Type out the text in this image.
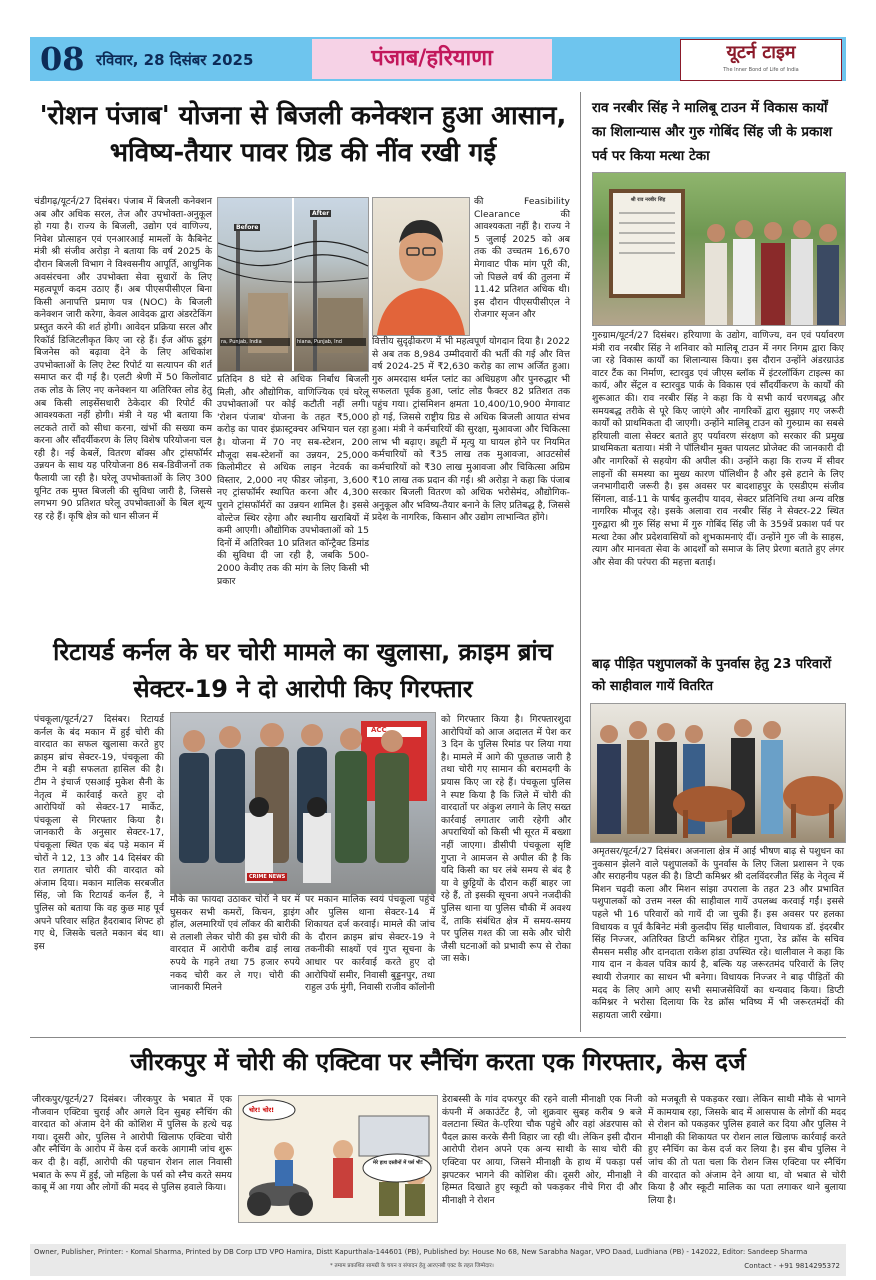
08 रविवार, 28 दिसंबर 2025	पंजाब/हरियाणा	यूटर्न टाइम
The Inner Bond of Life of India
'रोशन पंजाब' योजना से बिजली कनेक्शन हुआ आसान, भविष्य-तैयार पावर ग्रिड की नींव रखी गई
चंडीगढ़/यूटर्न/27 दिसंबर। पंजाब में बिजली कनेक्शन अब और अधिक सरल, तेज और उपभोक्ता-अनुकूल हो गया है। राज्य के बिजली, उद्योग एवं वाणिज्य, निवेश प्रोत्साहन एवं एनआरआई मामलों के कैबिनेट मंत्री श्री संजीव अरोड़ा ने बताया कि वर्ष 2025 के दौरान बिजली विभाग ने विश्वसनीय आपूर्ति, आधुनिक अवसंरचना और उपभोक्ता सेवा सुधारों के लिए महत्वपूर्ण कदम उठाए हैं। अब पीएसपीसीएल बिना किसी अनापत्ति प्रमाण पत्र (NOC) के बिजली कनेक्शन जारी करेगा, केवल आवेदक द्वारा अंडरटेकिंग प्रस्तुत करने की शर्त होगी। आवेदन प्रक्रिया सरल और रिकॉर्ड डिजिटलीकृत किए जा रहे हैं। ईज ऑफ डूइंग बिजनेस को बढ़ावा देने के लिए अधिकांश उपभोक्ताओं के लिए टेस्ट रिपोर्ट या सत्यापन की शर्त समाप्त कर दी गई है। एलटी श्रेणी में 50 किलोवाट तक लोड के लिए नए कनेक्शन या अतिरिक्त लोड हेतु अब किसी लाइसेंसधारी ठेकेदार की रिपोर्ट की आवश्यकता नहीं होगी। मंत्री ने यह भी बताया कि लटकते तारों को सीधा करना, खंभों की सख्या कम करना और सौंदर्यीकरण के लिए विशेष परियोजना चल रही है। नई केबलें, वितरण बॉक्स और ट्रांसफॉर्मर उन्नयन के साथ यह परियोजना 86 सब-डिवीजनों तक फैलायी जा रही है। घरेलू उपभोक्ताओं के लिए 300 यूनिट तक मुफ्त बिजली की सुविधा जारी है, जिससे लगभग 90 प्रतिशत घरेलू उपभोक्ताओं के बिल शून्य रह रहे हैं। कृषि क्षेत्र को धान सीजन में
Before
After
ra, Punjab, India	hiana, Punjab, Ind
प्रतिदिन 8 घंटे से अधिक निर्बाध बिजली मिली, और औद्योगिक, वाणिज्यिक एवं घरेलू उपभोक्ताओं पर कोई कटौती नहीं लगी। 'रोशन पंजाब' योजना के तहत ₹5,000 करोड़ का पावर इंफ्रास्ट्रक्चर अभियान चल रहा है। योजना में 70 नए सब-स्टेशन, 200 मौजूदा सब-स्टेशनों का उन्नयन, 25,000 किलोमीटर से अधिक लाइन नेटवर्क का विस्तार, 2,000 नए फीडर जोड़ना, 3,600 नए ट्रांसफॉर्मर स्थापित करना और 4,300 पुराने ट्रांसफॉर्मरों का उन्नयन शामिल है। इससे वोल्टेज स्थिर रहेगा और स्थानीय खराबियों में कमी आएगी। औद्योगिक उपभोक्ताओं को 15 दिनों में अतिरिक्त 10 प्रतिशत कॉन्ट्रैक्ट डिमांड की सुविधा दी जा रही है, जबकि 500-2000 केवीए तक की मांग के लिए किसी भी प्रकार
की Feasibility Clearance की आवश्यकता नहीं है। राज्य ने 5 जुलाई 2025 को अब तक की उच्चतम 16,670 मेगावाट पीक मांग पूरी की, जो पिछले वर्ष की तुलना में 11.42 प्रतिशत अधिक थी। इस दौरान पीएसपीसीएल ने रोजगार सृजन और
वित्तीय सुदृढ़ीकरण में भी महत्वपूर्ण योगदान दिया है। 2022 से अब तक 8,984 उम्मीदवारों की भर्ती की गई और वित्त वर्ष 2024-25 में ₹2,630 करोड़ का लाभ अर्जित हुआ। गुरु अमरदास थर्मल प्लांट का अधिग्रहण और पुनरुद्धार भी सफलता पूर्वक हुआ, प्लांट लोड फैक्टर 82 प्रतिशत तक पहुंच गया। ट्रांसमिशन क्षमता 10,400/10,900 मेगावाट हो गई, जिससे राष्ट्रीय ग्रिड से अधिक बिजली आयात संभव हुआ। मंत्री ने कर्मचारियों की सुरक्षा, मुआवजा और चिकित्सा लाभ भी बढ़ाए। ड्यूटी में मृत्यु या घायल होने पर नियमित कर्मचारियों को ₹35 लाख तक मुआवजा, आउटसोर्स कर्मचारियों को ₹30 लाख मुआवजा और चिकित्सा अग्रिम ₹10 लाख तक प्रदान की गई। श्री अरोड़ा ने कहा कि पंजाब सरकार बिजली वितरण को अधिक भरोसेमंद, औद्योगिक-अनुकूल और भविष्य-तैयार बनाने के लिए प्रतिबद्ध है, जिससे प्रदेश के नागरिक, किसान और उद्योग लाभान्वित होंगे।
रिटायर्ड कर्नल के घर चोरी मामले का खुलासा, क्राइम ब्रांच सेक्टर-19 ने दो आरोपी किए गिरफ्तार
पंचकूला/यूटर्न/27 दिसंबर। रिटायर्ड कर्नल के बंद मकान में हुई चोरी की वारदात का सफल खुलासा करते हुए क्राइम ब्रांच सेक्टर-19, पंचकूला की टीम ने बड़ी सफलता हासिल की है। टीम ने इंचार्ज एसआई मुकेश सैनी के नेतृत्व में कार्रवाई करते हुए दो आरोपियों को सेक्टर-17 मार्केट, पंचकूला से गिरफ्तार किया है। जानकारी के अनुसार सेक्टर-17, पंचकूला स्थित एक बंद पड़े मकान में चोरों ने 12, 13 और 14 दिसंबर की रात लगातार चोरी की वारदात को अंजाम दिया। मकान मालिक सरबजीत सिंह, जो कि रिटायर्ड कर्नल हैं, ने पुलिस को बताया कि वह कुछ माह पूर्व अपने परिवार सहित हैदराबाद शिफ्ट हो गए थे, जिसके चलते मकान बंद था। इस
ACC
CRIME NEWS
मौके का फायदा उठाकर चोरों ने घर में घुसकर सभी कमरों, किचन, ड्राइंग हॉल, अलमारियों एवं लॉकर की बारीकी से तलाशी लेकर चोरी की इस चोरी की वारदात में आरोपी करीब ढाई लाख रुपये के गहने तथा 75 हजार रुपये नकद चोरी कर ले गए। चोरी की जानकारी मिलने
पर मकान मालिक स्वयं पंचकूला पहुंचे और पुलिस थाना सेक्टर-14 में शिकायत दर्ज करवाई। मामले की जांच के दौरान क्राइम ब्रांच सेक्टर-19 ने तकनीकी साक्ष्यों एवं गुप्त सूचना के आधार पर कार्रवाई करते हुए दो आरोपियों समीर, निवासी बुड्डनपुर, तथा राहुल उर्फ मुंगी, निवासी राजीव कॉलोनी
को गिरफ्तार किया है। गिरफ्तारशुदा आरोपियों को आज अदालत में पेश कर 3 दिन के पुलिस रिमांड पर लिया गया है। मामले में आगे की पूछताछ जारी है तथा चोरी गए सामान की बरामदगी के प्रयास किए जा रहे हैं। पंचकूला पुलिस ने स्पष्ट किया है कि जिले में चोरी की वारदातों पर अंकुश लगाने के लिए सख्त कार्रवाई लगातार जारी रहेगी और अपराधियों को किसी भी सूरत में बख्शा नहीं जाएगा। डीसीपी पंचकूला सृष्टि गुप्ता ने आमजन से अपील की है कि यदि किसी का घर लंबे समय से बंद है या वे छुट्टियों के दौरान कहीं बाहर जा रहे हैं, तो इसकी सूचना अपने नजदीकी पुलिस थाना या पुलिस चौकी में अवश्य दें, ताकि संबंधित क्षेत्र में समय-समय पर पुलिस गश्त की जा सके और चोरी जैसी घटनाओं को प्रभावी रूप से रोका जा सके।
राव नरबीर सिंह ने मालिबू टाउन में विकास कार्यों का शिलान्यास और गुरु गोबिंद सिंह जी के प्रकाश पर्व पर किया मत्था टेका
श्री राव नरबीर सिंह
गुरुग्राम/यूटर्न/27 दिसंबर। हरियाणा के उद्योग, वाणिज्य, वन एवं पर्यावरण मंत्री राव नरबीर सिंह ने शनिवार को मालिबू टाउन में नगर निगम द्वारा किए जा रहे विकास कार्यों का शिलान्यास किया। इस दौरान उन्होंने अंडरग्राउंड वाटर टैंक का निर्माण, स्टारवुड एवं जीएस ब्लॉक में इंटरलॉकिंग टाइल्स का कार्य, और सेंट्रल व स्टारवुड पार्क के विकास एवं सौंदर्यीकरण के कार्यों की शुरूआत की। राव नरबीर सिंह ने कहा कि ये सभी कार्य चरणबद्ध और समयबद्ध तरीके से पूरे किए जाएंगे और नागरिकों द्वारा सुझाए गए जरूरी कार्यों को प्राथमिकता दी जाएगी। उन्होंने मालिबू टाउन को गुरुग्राम का सबसे हरियाली वाला सेक्टर बताते हुए पर्यावरण संरक्षण को सरकार की प्रमुख प्राथमिकता बताया। मंत्री ने पॉलिथीन मुक्त पायलट प्रोजेक्ट की जानकारी दी और नागरिकों से सहयोग की अपील की। उन्होंने कहा कि राज्य में सीवर लाइनों की समस्या का मुख्य कारण पॉलिथीन है और इसे हटाने के लिए जनभागीदारी जरूरी है। इस अवसर पर बादशाहपुर के एसडीएम संजीव सिंगला, वार्ड-11 के पार्षद कुलदीप यादव, सेक्टर प्रतिनिधि तथा अन्य वरिष्ठ नागरिक मौजूद रहे। इसके अलावा राव नरबीर सिंह ने सेक्टर-22 स्थित गुरुद्वारा श्री गुरु सिंह सभा में गुरु गोबिंद सिंह जी के 359वें प्रकाश पर्व पर मत्था टेका और प्रदेशवासियों को शुभकामनाएं दीं। उन्होंने गुरु जी के साहस, त्याग और मानवता सेवा के आदर्शों को समाज के लिए प्रेरणा बताते हुए लंगर और सेवा की परंपरा की महत्ता बताई।
बाढ़ पीड़ित पशुपालकों के पुनर्वास हेतु 23 परिवारों को साहीवाल गायें वितरित
अमृतसर/यूटर्न/27 दिसंबर। अजनाला क्षेत्र में आई भीषण बाढ़ से पशुधन का नुकसान झेलने वाले पशुपालकों के पुनर्वास के लिए जिला प्रशासन ने एक और सराहनीय पहल की है। डिप्टी कमिश्नर श्री दलविंदरजीत सिंह के नेतृत्व में मिशन चढ़दी कला और मिशन सांझा उपराला के तहत 23 और प्रभावित पशुपालकों को उत्तम नस्ल की साहीवाल गायें उपलब्ध करवाई गईं। इससे पहले भी 16 परिवारों को गायें दी जा चुकी हैं। इस अवसर पर हलका विधायक व पूर्व कैबिनेट मंत्री कुलदीप सिंह धालीवाल, विधायक डॉ. इंदरबीर सिंह निज्जर, अतिरिक्त डिप्टी कमिश्नर रोहित गुप्ता, रेड क्रॉस के सचिव सैमसन मसीह और दानदाता राकेश हांडा उपस्थित रहे। धालीवाल ने कहा कि गाय दान न केवल पवित्र कार्य है, बल्कि यह जरूरतमंद परिवारों के लिए स्थायी रोजगार का साधन भी बनेगा। विधायक निज्जर ने बाढ़ पीड़ितों की मदद के लिए आगे आए सभी समाजसेवियों का धन्यवाद किया। डिप्टी कमिश्नर ने भरोसा दिलाया कि रेड क्रॉस भविष्य में भी जरूरतमंदों की सहायता जारी रखेगा।
जीरकपुर में चोरी की एक्टिवा पर स्नैचिंग करता एक गिरफ्तार, केस दर्ज
जीरकपुर/यूटर्न/27 दिसंबर। जीरकपुर के भबात में एक नौजवान एक्टिवा चुराई और अगले दिन सुबह स्नैचिंग की वारदात को अंजाम देने की कोशिश में पुलिस के हत्थे चढ़ गया। दूसरी ओर, पुलिस ने आरोपी खिलाफ एक्टिवा चोरी और स्नैचिंग के आरोप में केस दर्ज करके आगामी जांच शुरू कर दी है। वहीं, आरोपी की पहचान रोशन लाल निवासी भबात के रूप में हुई, जो महिला के पर्स को स्नैच करते समय काबू में आ गया और लोगों की मदद से पुलिस हवाले किया।
चोर! चोर!
मेरे हाथ दस्तीनों में पर्स भी!
डेराबस्सी के गांव दफरपुर की रहने वाली मीनाक्षी एक निजी कंपनी में अकाउंटेंट है, जो शुक्रवार सुबह करीब 9 बजे वलटाना स्थित के-एरिया चौक पहुंचे और वहां अंडरपास को पैदल क्रास करके सैनी विहार जा रही थी। लेकिन इसी दौरान आरोपी रोशन अपने एक अन्य साथी के साथ चोरी की एक्टिवा पर आया, जिसने मीनाक्षी के हाथ में पकड़ा पर्स झपटकर भागने की कोशिश की। दूसरी ओर, मीनाक्षी ने हिम्मत दिखाते हुए स्कूटी को पकड़कर नीचे गिरा दी और मीनाक्षी ने रोशन
को मजबूती से पकड़कर रखा। लेकिन साथी मौके से भागने में कामयाब रहा, जिसके बाद में आसपास के लोगों की मदद से रोशन को पकड़कर पुलिस हवाले कर दिया और पुलिस ने मीनाक्षी की शिकायत पर रोशन लाल खिलाफ कार्रवाई करते हुए स्नैचिंग का केस दर्ज कर लिया है। इस बीच पुलिस ने जांच की तो पता चला कि रोशन जिस एक्टिवा पर स्नैचिंग की वारदात को अंजाम देने आया था, वो भबात से चोरी किया है और स्कूटी मालिक का पता लगाकर थाने बुलाया लिया है।
Owner, Publisher, Printer: - Komal Sharma, Printed by DB Corp LTD VPO Hamira, Distt Kapurthala-144601 (PB), Published by: House No 68, New Sarabha Nagar, VPO Daad, Ludhiana (PB) - 142022, Editor: Sandeep Sharma
* तमाम प्रकाशित सामग्री के चयन व संपादन हेतु आरएनबी एक्ट के तहत जिम्मेदार।	Contact - +91 9814295372
